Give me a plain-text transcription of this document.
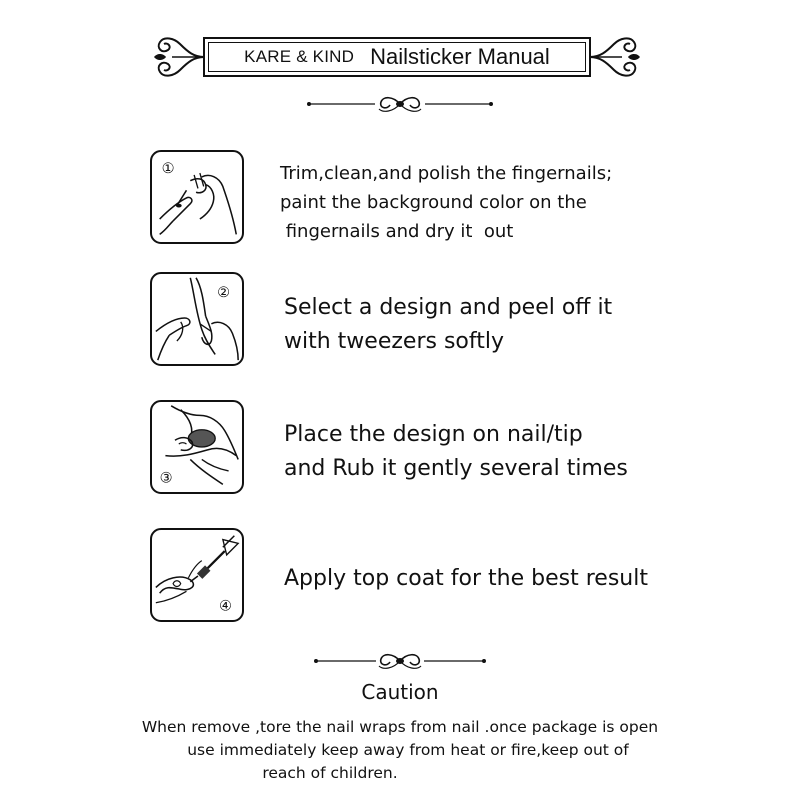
KARE & KIND Nailsticker Manual
①	Trim,clean,and polish the fingernails;
paint the background color on the
fingernails and dry it  out
②
Select a design and peel off it
with tweezers softly
③
Place the design on nail/tip
and Rub it gently several times
④
Apply top coat for the best result
Caution
When remove ,tore the nail wraps from nail .once package is open
use immediately keep away from heat or fire,keep out of
reach of children.
